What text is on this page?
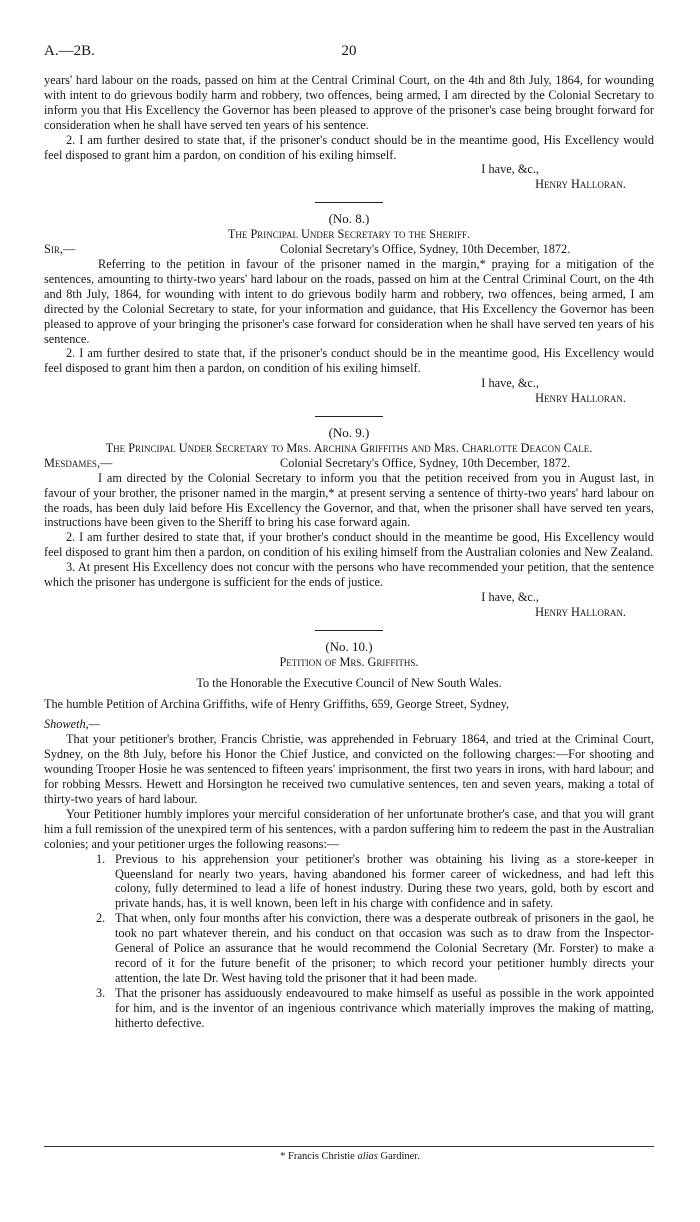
A.—2B.	20

years' hard labour on the roads, passed on him at the Central Criminal Court, on the 4th and 8th July, 1864, for wounding with intent to do grievous bodily harm and robbery, two offences, being armed, I am directed by the Colonial Secretary to inform you that His Excellency the Governor has been pleased to approve of the prisoner's case being brought forward for consideration when he shall have served ten years of his sentence.

2. I am further desired to state that, if the prisoner's conduct should be in the meantime good, His Excellency would feel disposed to grant him a pardon, on condition of his exiling himself.

I have, &c.,

Henry Halloran.

(No. 8.)

The Principal Under Secretary to the Sheriff.

Sir,—	Colonial Secretary's Office, Sydney, 10th December, 1872.

Referring to the petition in favour of the prisoner named in the margin,* praying for a mitigation of the sentences, amounting to thirty-two years' hard labour on the roads, passed on him at the Central Criminal Court, on the 4th and 8th July, 1864, for wounding with intent to do grievous bodily harm and robbery, two offences, being armed, I am directed by the Colonial Secretary to state, for your information and guidance, that His Excellency the Governor has been pleased to approve of your bringing the prisoner's case forward for consideration when he shall have served ten years of his sentence.

2. I am further desired to state that, if the prisoner's conduct should be in the meantime good, His Excellency would feel disposed to grant him then a pardon, on condition of his exiling himself.

I have, &c.,

Henry Halloran.

(No. 9.)

The Principal Under Secretary to Mrs. Archina Griffiths and Mrs. Charlotte Deacon Cale.

Mesdames,—	Colonial Secretary's Office, Sydney, 10th December, 1872.

I am directed by the Colonial Secretary to inform you that the petition received from you in August last, in favour of your brother, the prisoner named in the margin,* at present serving a sentence of thirty-two years' hard labour on the roads, has been duly laid before His Excellency the Governor, and that, when the prisoner shall have served ten years, instructions have been given to the Sheriff to bring his case forward again.

2. I am further desired to state that, if your brother's conduct should in the meantime be good, His Excellency would feel disposed to grant him then a pardon, on condition of his exiling himself from the Australian colonies and New Zealand.

3. At present His Excellency does not concur with the persons who have recommended your petition, that the sentence which the prisoner has undergone is sufficient for the ends of justice.

I have, &c.,

Henry Halloran.

(No. 10.)

Petition of Mrs. Griffiths.

To the Honorable the Executive Council of New South Wales.

The humble Petition of Archina Griffiths, wife of Henry Griffiths, 659, George Street, Sydney,

Showeth,—

That your petitioner's brother, Francis Christie, was apprehended in February 1864, and tried at the Criminal Court, Sydney, on the 8th July, before his Honor the Chief Justice, and convicted on the following charges:—For shooting and wounding Trooper Hosie he was sentenced to fifteen years' imprisonment, the first two years in irons, with hard labour; and for robbing Messrs. Hewett and Horsington he received two cumulative sentences, ten and seven years, making a total of thirty-two years of hard labour.

Your Petitioner humbly implores your merciful consideration of her unfortunate brother's case, and that you will grant him a full remission of the unexpired term of his sentences, with a pardon suffering him to redeem the past in the Australian colonies; and your petitioner urges the following reasons:—

1. Previous to his apprehension your petitioner's brother was obtaining his living as a store-keeper in Queensland for nearly two years, having abandoned his former career of wickedness, and had left this colony, fully determined to lead a life of honest industry. During these two years, gold, both by escort and private hands, has, it is well known, been left in his charge with confidence and in safety.
2. That when, only four months after his conviction, there was a desperate outbreak of prisoners in the gaol, he took no part whatever therein, and his conduct on that occasion was such as to draw from the Inspector-General of Police an assurance that he would recommend the Colonial Secretary (Mr. Forster) to make a record of it for the future benefit of the prisoner; to which record your petitioner humbly directs your attention, the late Dr. West having told the prisoner that it had been made.
3. That the prisoner has assiduously endeavoured to make himself as useful as possible in the work appointed for him, and is the inventor of an ingenious contrivance which materially improves the making of matting, hitherto defective.
* Francis Christie alias Gardiner.
